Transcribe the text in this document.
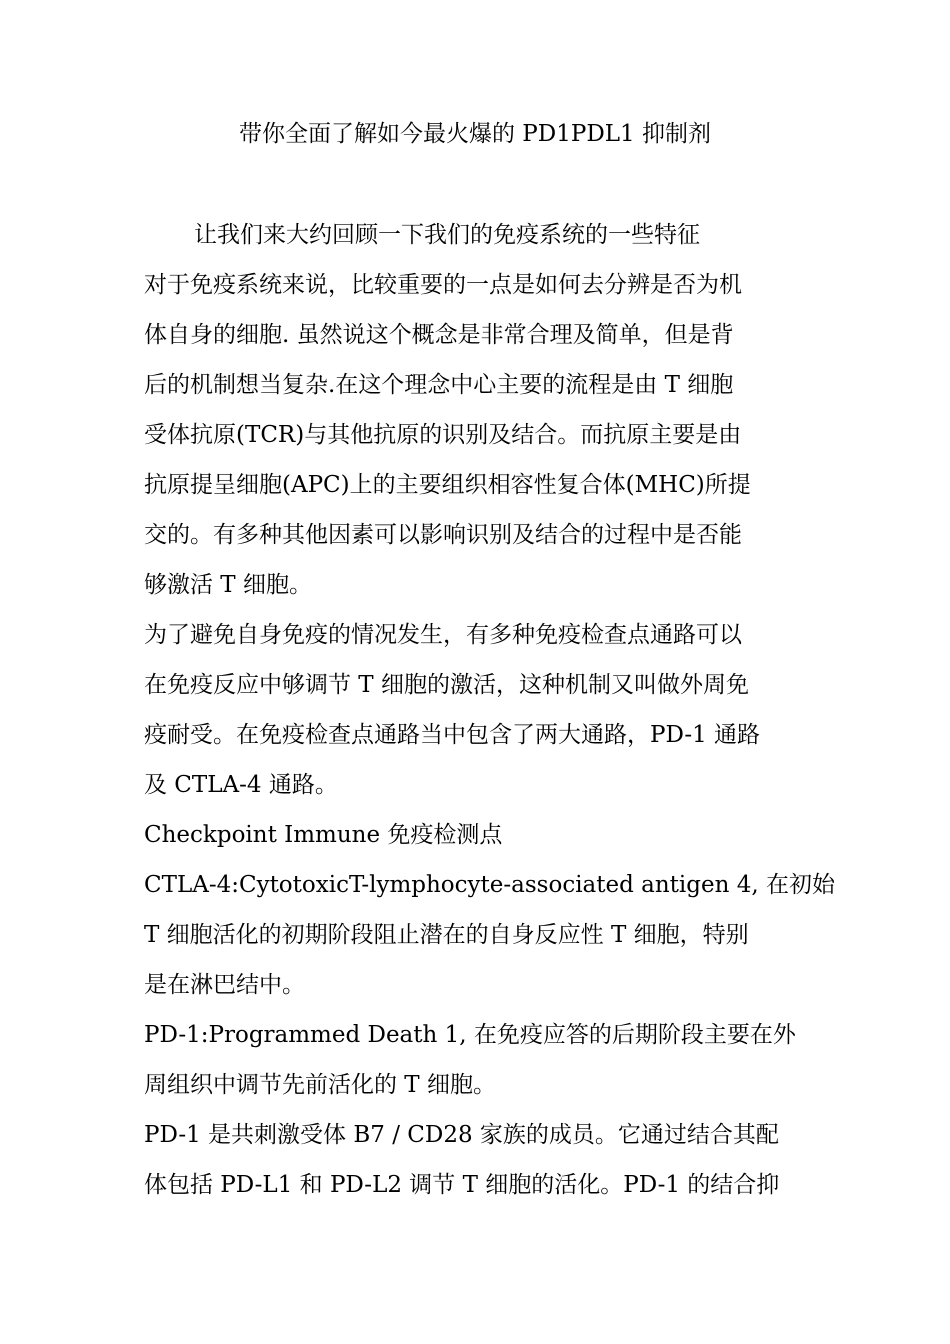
带你全面了解如今最火爆的 PD1PDL1 抑制剂
让我们来大约回顾一下我们的免疫系统的一些特征
对于免疫系统来说，比较重要的一点是如何去分辨是否为机
体自身的细胞. 虽然说这个概念是非常合理及简单，但是背
后的机制想当复杂.在这个理念中心主要的流程是由 T 细胞
受体抗原(TCR)与其他抗原的识别及结合。而抗原主要是由
抗原提呈细胞(APC)上的主要组织相容性复合体(MHC)所提
交的。有多种其他因素可以影响识别及结合的过程中是否能
够激活 T 细胞。
为了避免自身免疫的情况发生，有多种免疫检查点通路可以
在免疫反应中够调节 T 细胞的激活，这种机制又叫做外周免
疫耐受。在免疫检查点通路当中包含了两大通路，PD-1 通路
及 CTLA-4 通路。
Checkpoint Immune 免疫检测点
CTLA-4:CytotoxicT-lymphocyte-associated antigen 4, 在初始
T 细胞活化的初期阶段阻止潜在的自身反应性 T 细胞，特别
是在淋巴结中。
PD-1:Programmed Death 1, 在免疫应答的后期阶段主要在外
周组织中调节先前活化的 T 细胞。
PD-1 是共刺激受体 B7 / CD28 家族的成员。它通过结合其配
体包括 PD-L1 和 PD-L2 调节 T 细胞的活化。PD-1 的结合抑
